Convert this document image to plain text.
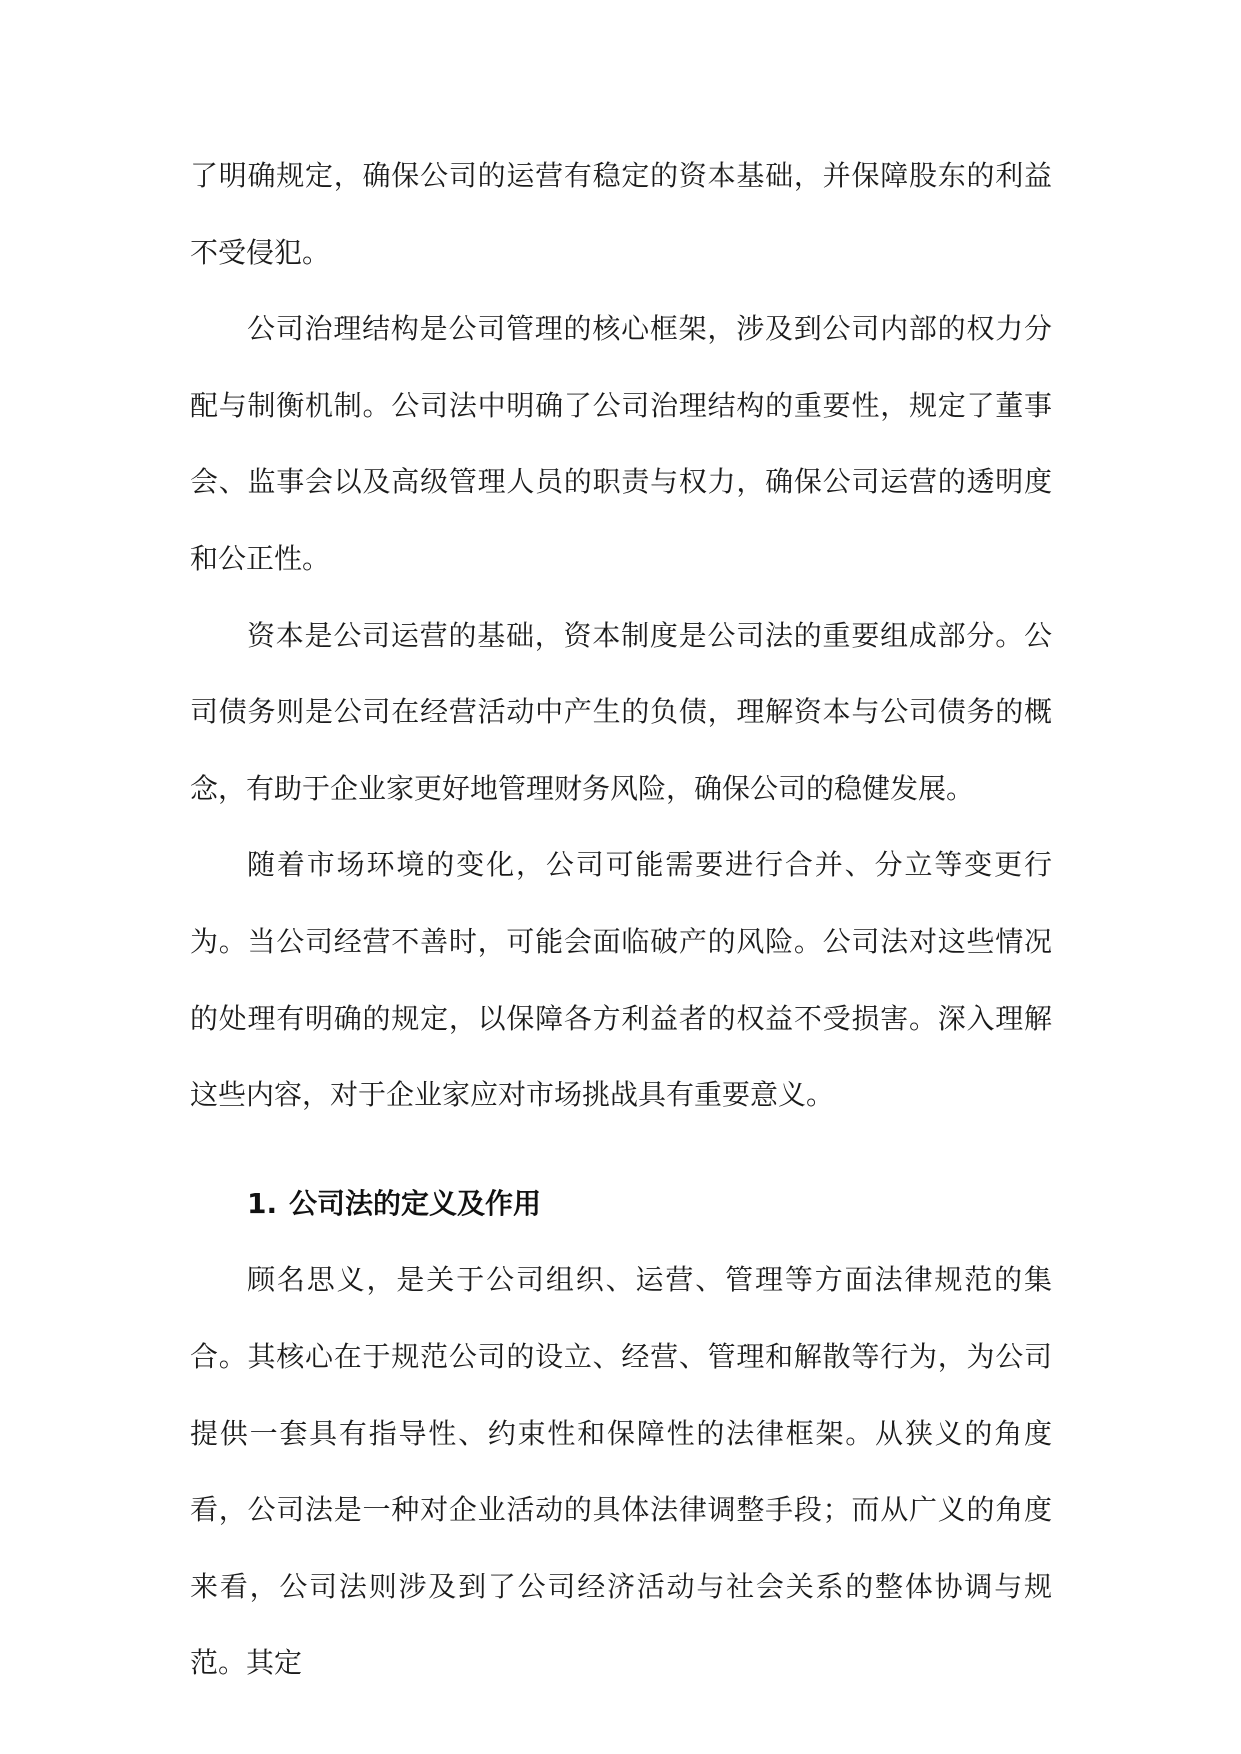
了明确规定，确保公司的运营有稳定的资本基础，并保障股东的利益不受侵犯。

公司治理结构是公司管理的核心框架，涉及到公司内部的权力分配与制衡机制。公司法中明确了公司治理结构的重要性，规定了董事会、监事会以及高级管理人员的职责与权力，确保公司运营的透明度和公正性。

资本是公司运营的基础，资本制度是公司法的重要组成部分。公司债务则是公司在经营活动中产生的负债，理解资本与公司债务的概念，有助于企业家更好地管理财务风险，确保公司的稳健发展。

随着市场环境的变化，公司可能需要进行合并、分立等变更行为。当公司经营不善时，可能会面临破产的风险。公司法对这些情况的处理有明确的规定，以保障各方利益者的权益不受损害。深入理解这些内容，对于企业家应对市场挑战具有重要意义。

1. 公司法的定义及作用

顾名思义，是关于公司组织、运营、管理等方面法律规范的集合。其核心在于规范公司的设立、经营、管理和解散等行为，为公司提供一套具有指导性、约束性和保障性的法律框架。从狭义的角度看，公司法是一种对企业活动的具体法律调整手段；而从广义的角度来看，公司法则涉及到了公司经济活动与社会关系的整体协调与规范。其定
